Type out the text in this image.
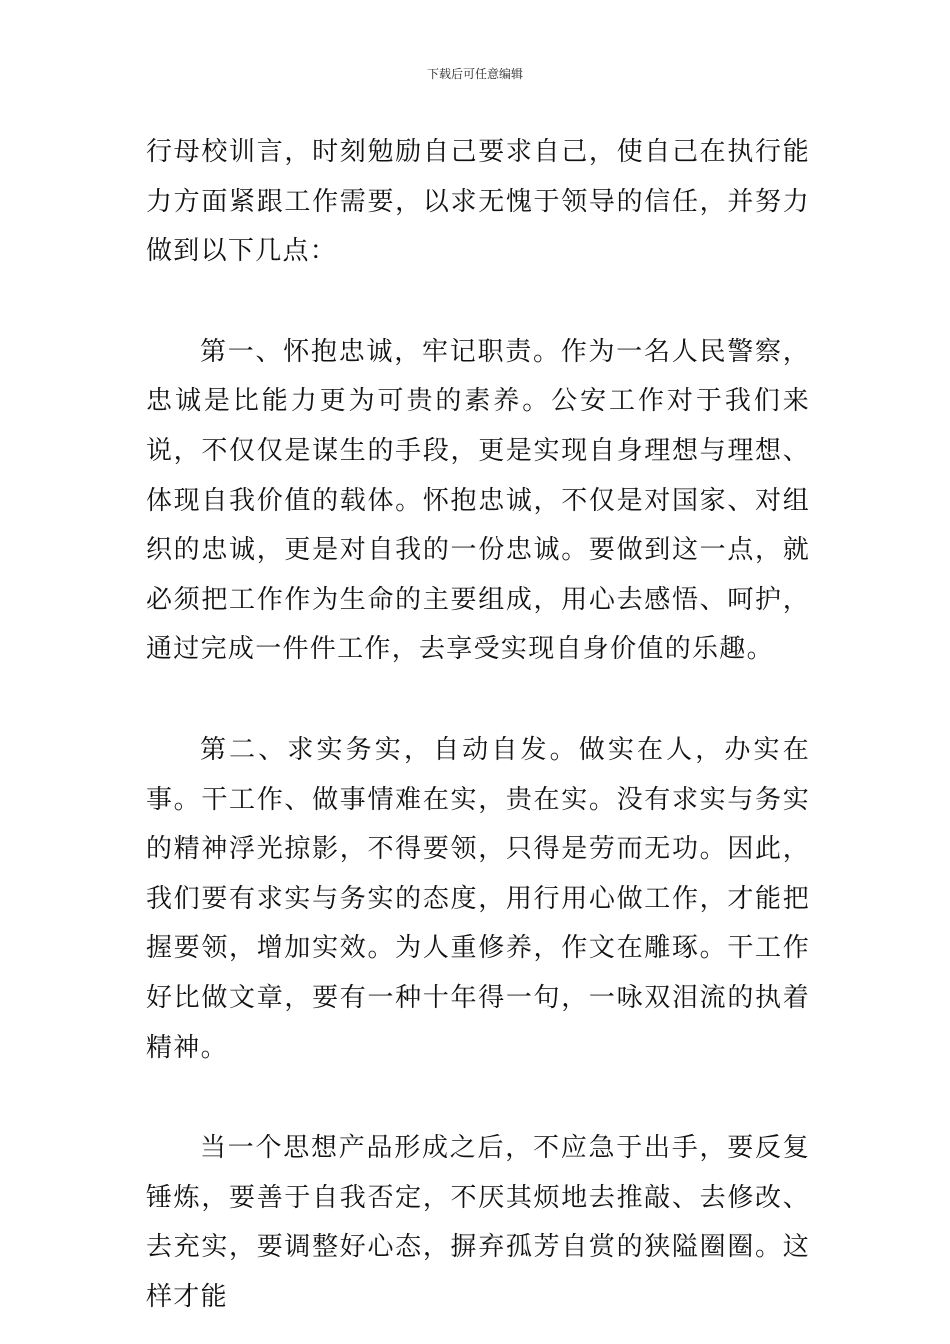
下载后可任意编辑

行母校训言，时刻勉励自己要求自己，使自己在执行能力方面紧跟工作需要，以求无愧于领导的信任，并努力做到以下几点：

第一、怀抱忠诚，牢记职责。作为一名人民警察，忠诚是比能力更为可贵的素养。公安工作对于我们来说，不仅仅是谋生的手段，更是实现自身理想与理想、体现自我价值的载体。怀抱忠诚，不仅是对国家、对组织的忠诚，更是对自我的一份忠诚。要做到这一点，就必须把工作作为生命的主要组成，用心去感悟、呵护，通过完成一件件工作，去享受实现自身价值的乐趣。

第二、求实务实，自动自发。做实在人，办实在事。干工作、做事情难在实，贵在实。没有求实与务实的精神浮光掠影，不得要领，只得是劳而无功。因此，我们要有求实与务实的态度，用行用心做工作，才能把握要领，增加实效。为人重修养，作文在雕琢。干工作好比做文章，要有一种十年得一句，一咏双泪流的执着精神。

当一个思想产品形成之后，不应急于出手，要反复锤炼，要善于自我否定，不厌其烦地去推敲、去修改、去充实，要调整好心态，摒弃孤芳自赏的狭隘圈圈。这样才能
